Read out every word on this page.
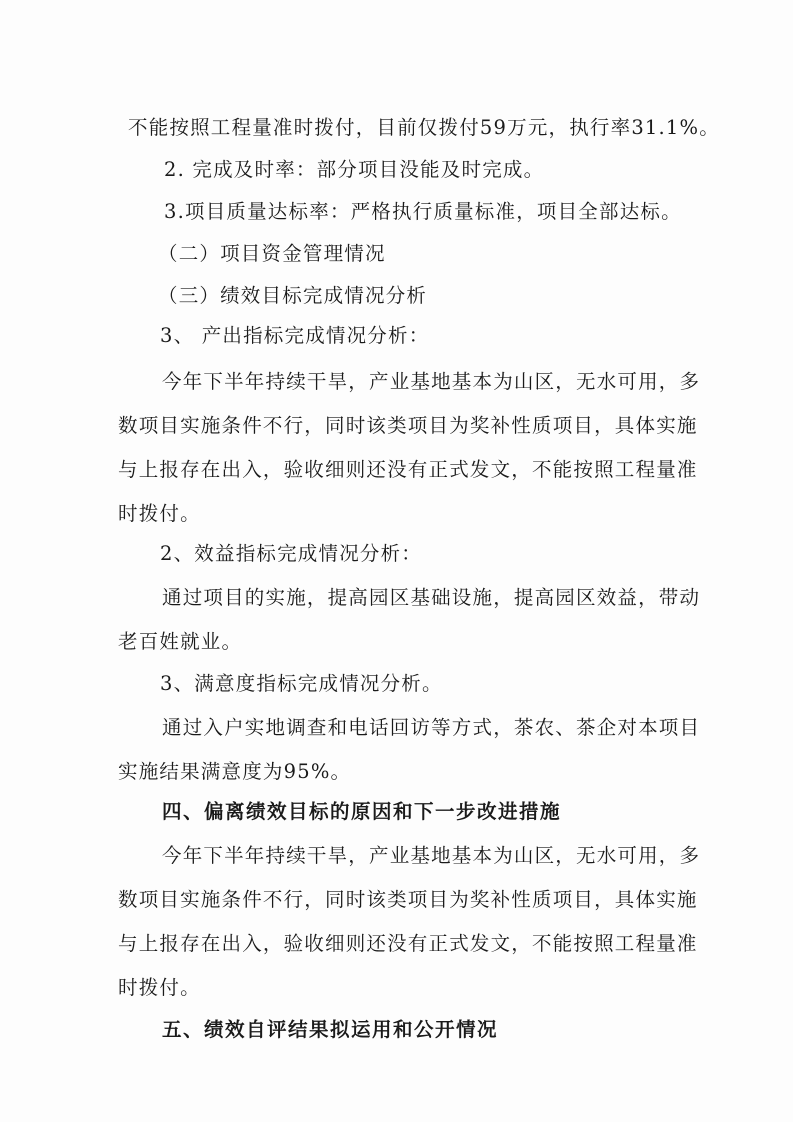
不能按照工程量准时拨付，目前仅拨付59万元，执行率31.1%。
2. 完成及时率：部分项目没能及时完成。
3.项目质量达标率：严格执行质量标准，项目全部达标。
（二）项目资金管理情况
（三）绩效目标完成情况分析
3、 产出指标完成情况分析：
今年下半年持续干旱，产业基地基本为山区，无水可用，多
数项目实施条件不行，同时该类项目为奖补性质项目，具体实施
与上报存在出入，验收细则还没有正式发文，不能按照工程量准
时拨付。
2、效益指标完成情况分析：
通过项目的实施，提高园区基础设施，提高园区效益，带动
老百姓就业。
3、满意度指标完成情况分析。
通过入户实地调查和电话回访等方式，茶农、茶企对本项目
实施结果满意度为95%。
四、偏离绩效目标的原因和下一步改进措施
今年下半年持续干旱，产业基地基本为山区，无水可用，多
数项目实施条件不行，同时该类项目为奖补性质项目，具体实施
与上报存在出入，验收细则还没有正式发文，不能按照工程量准
时拨付。
五、绩效自评结果拟运用和公开情况
